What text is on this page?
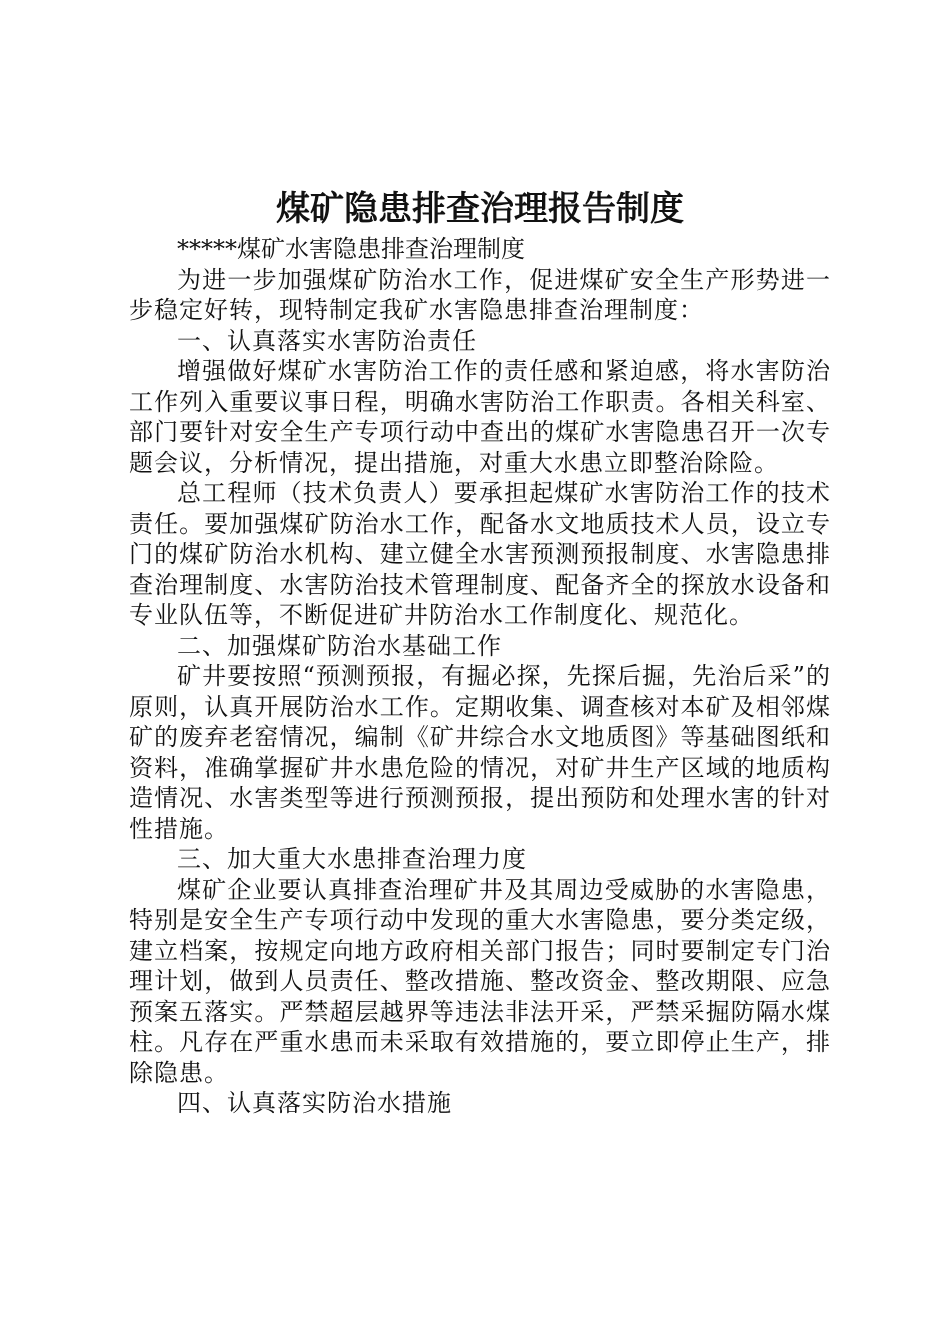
煤矿隐患排查治理报告制度

*****煤矿水害隐患排查治理制度

为进一步加强煤矿防治水工作，促进煤矿安全生产形势进一步稳定好转，现特制定我矿水害隐患排查治理制度：

一、认真落实水害防治责任

增强做好煤矿水害防治工作的责任感和紧迫感，将水害防治工作列入重要议事日程，明确水害防治工作职责。各相关科室、部门要针对安全生产专项行动中查出的煤矿水害隐患召开一次专题会议，分析情况，提出措施，对重大水患立即整治除险。

总工程师（技术负责人）要承担起煤矿水害防治工作的技术责任。要加强煤矿防治水工作，配备水文地质技术人员，设立专门的煤矿防治水机构、建立健全水害预测预报制度、水害隐患排查治理制度、水害防治技术管理制度、配备齐全的探放水设备和专业队伍等，不断促进矿井防治水工作制度化、规范化。

二、加强煤矿防治水基础工作

矿井要按照“预测预报，有掘必探，先探后掘，先治后采”的原则，认真开展防治水工作。定期收集、调查核对本矿及相邻煤矿的废弃老窑情况，编制《矿井综合水文地质图》等基础图纸和资料，准确掌握矿井水患危险的情况，对矿井生产区域的地质构造情况、水害类型等进行预测预报，提出预防和处理水害的针对性措施。

三、加大重大水患排查治理力度

煤矿企业要认真排查治理矿井及其周边受威胁的水害隐患，特别是安全生产专项行动中发现的重大水害隐患，要分类定级，建立档案，按规定向地方政府相关部门报告；同时要制定专门治理计划，做到人员责任、整改措施、整改资金、整改期限、应急预案五落实。严禁超层越界等违法非法开采，严禁采掘防隔水煤柱。凡存在严重水患而未采取有效措施的，要立即停止生产，排除隐患。

四、认真落实防治水措施
